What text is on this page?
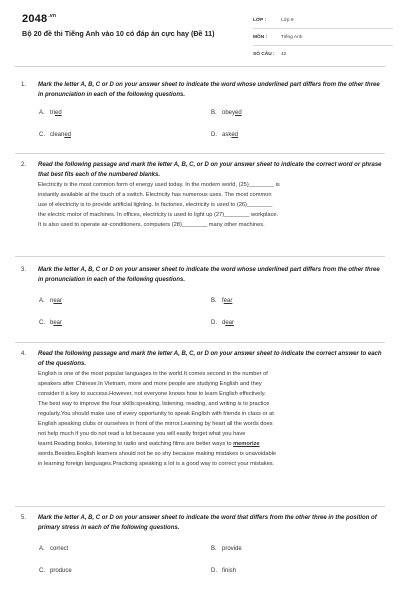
$2048^{.vn}$
Bộ 20 đề thi Tiếng Anh vào 10 có đáp án cực hay (Đề 11)
LỚP :	Lớp 9
MÔN :	Tiếng Anh
SỐ CÂU :	42
1.	Mark the letter A, B, C or D on your answer sheet to indicate the word whose underlined part differs from the other three in pronunciation in each of the following questions.
A. tried	B. obeyed
C. cleaned	D. asked
2.	Read the following passage and mark the letter A, B, C, or D on your answer sheet to indicate the correct word or phrase that best fits each of the numbered blanks.

Electricity is the most common form of energy used today. In the modern world, (25)________ is

instantly available at the touch of a switch. Electricity has numerous uses. The most common

use of electricity is to provide artificial lighting. In factories, electricity is used to (26)________

the electric motor of machines. In offices, electricity is used to light up (27)________ workplace.

It is also used to operate air-conditioners, computers (28)________ many other machines.

3.	Mark the letter A, B, C or D on your answer sheet to indicate the word whose underlined part differs from the other three in pronunciation in each of the following questions.
A. near	B. fear
C. bear	D. dear
4.	Read the following passage and mark the letter A, B, C, or D on your answer sheet to indicate the correct answer to each of the questions.

English is one of the most popular languages in the world.It comes second in the number of

speakers after Chinese.In Vietnam, more and more people are studying English and they

consider it a key to success.However, not everyone knows how to learn English effectively.

The best way to improve the four skills:speaking, listening, reading, and writing is to practice

regularly.You should make use of every opportunity to speak English with friends in class or at

English speaking clubs or ourselves in front of the mirror.Learning by heart all the words does

not help much if you do not read a lot because you will easily forget what you have

learnt.Reading books, listening to radio and watching films are better ways to memorize

words.Besides.English learners should not be so shy because making mistakes is unavoidable

in learning foreign languages.Practicing speaking a lot is a good way to correct your mistakes.

5.	Mark the letter A, B, C or D on your answer sheet to indicate the word that differs from the other three in the position of primary stress in each of the following questions.
A. correct	B. provide
C. produce	D. finish
